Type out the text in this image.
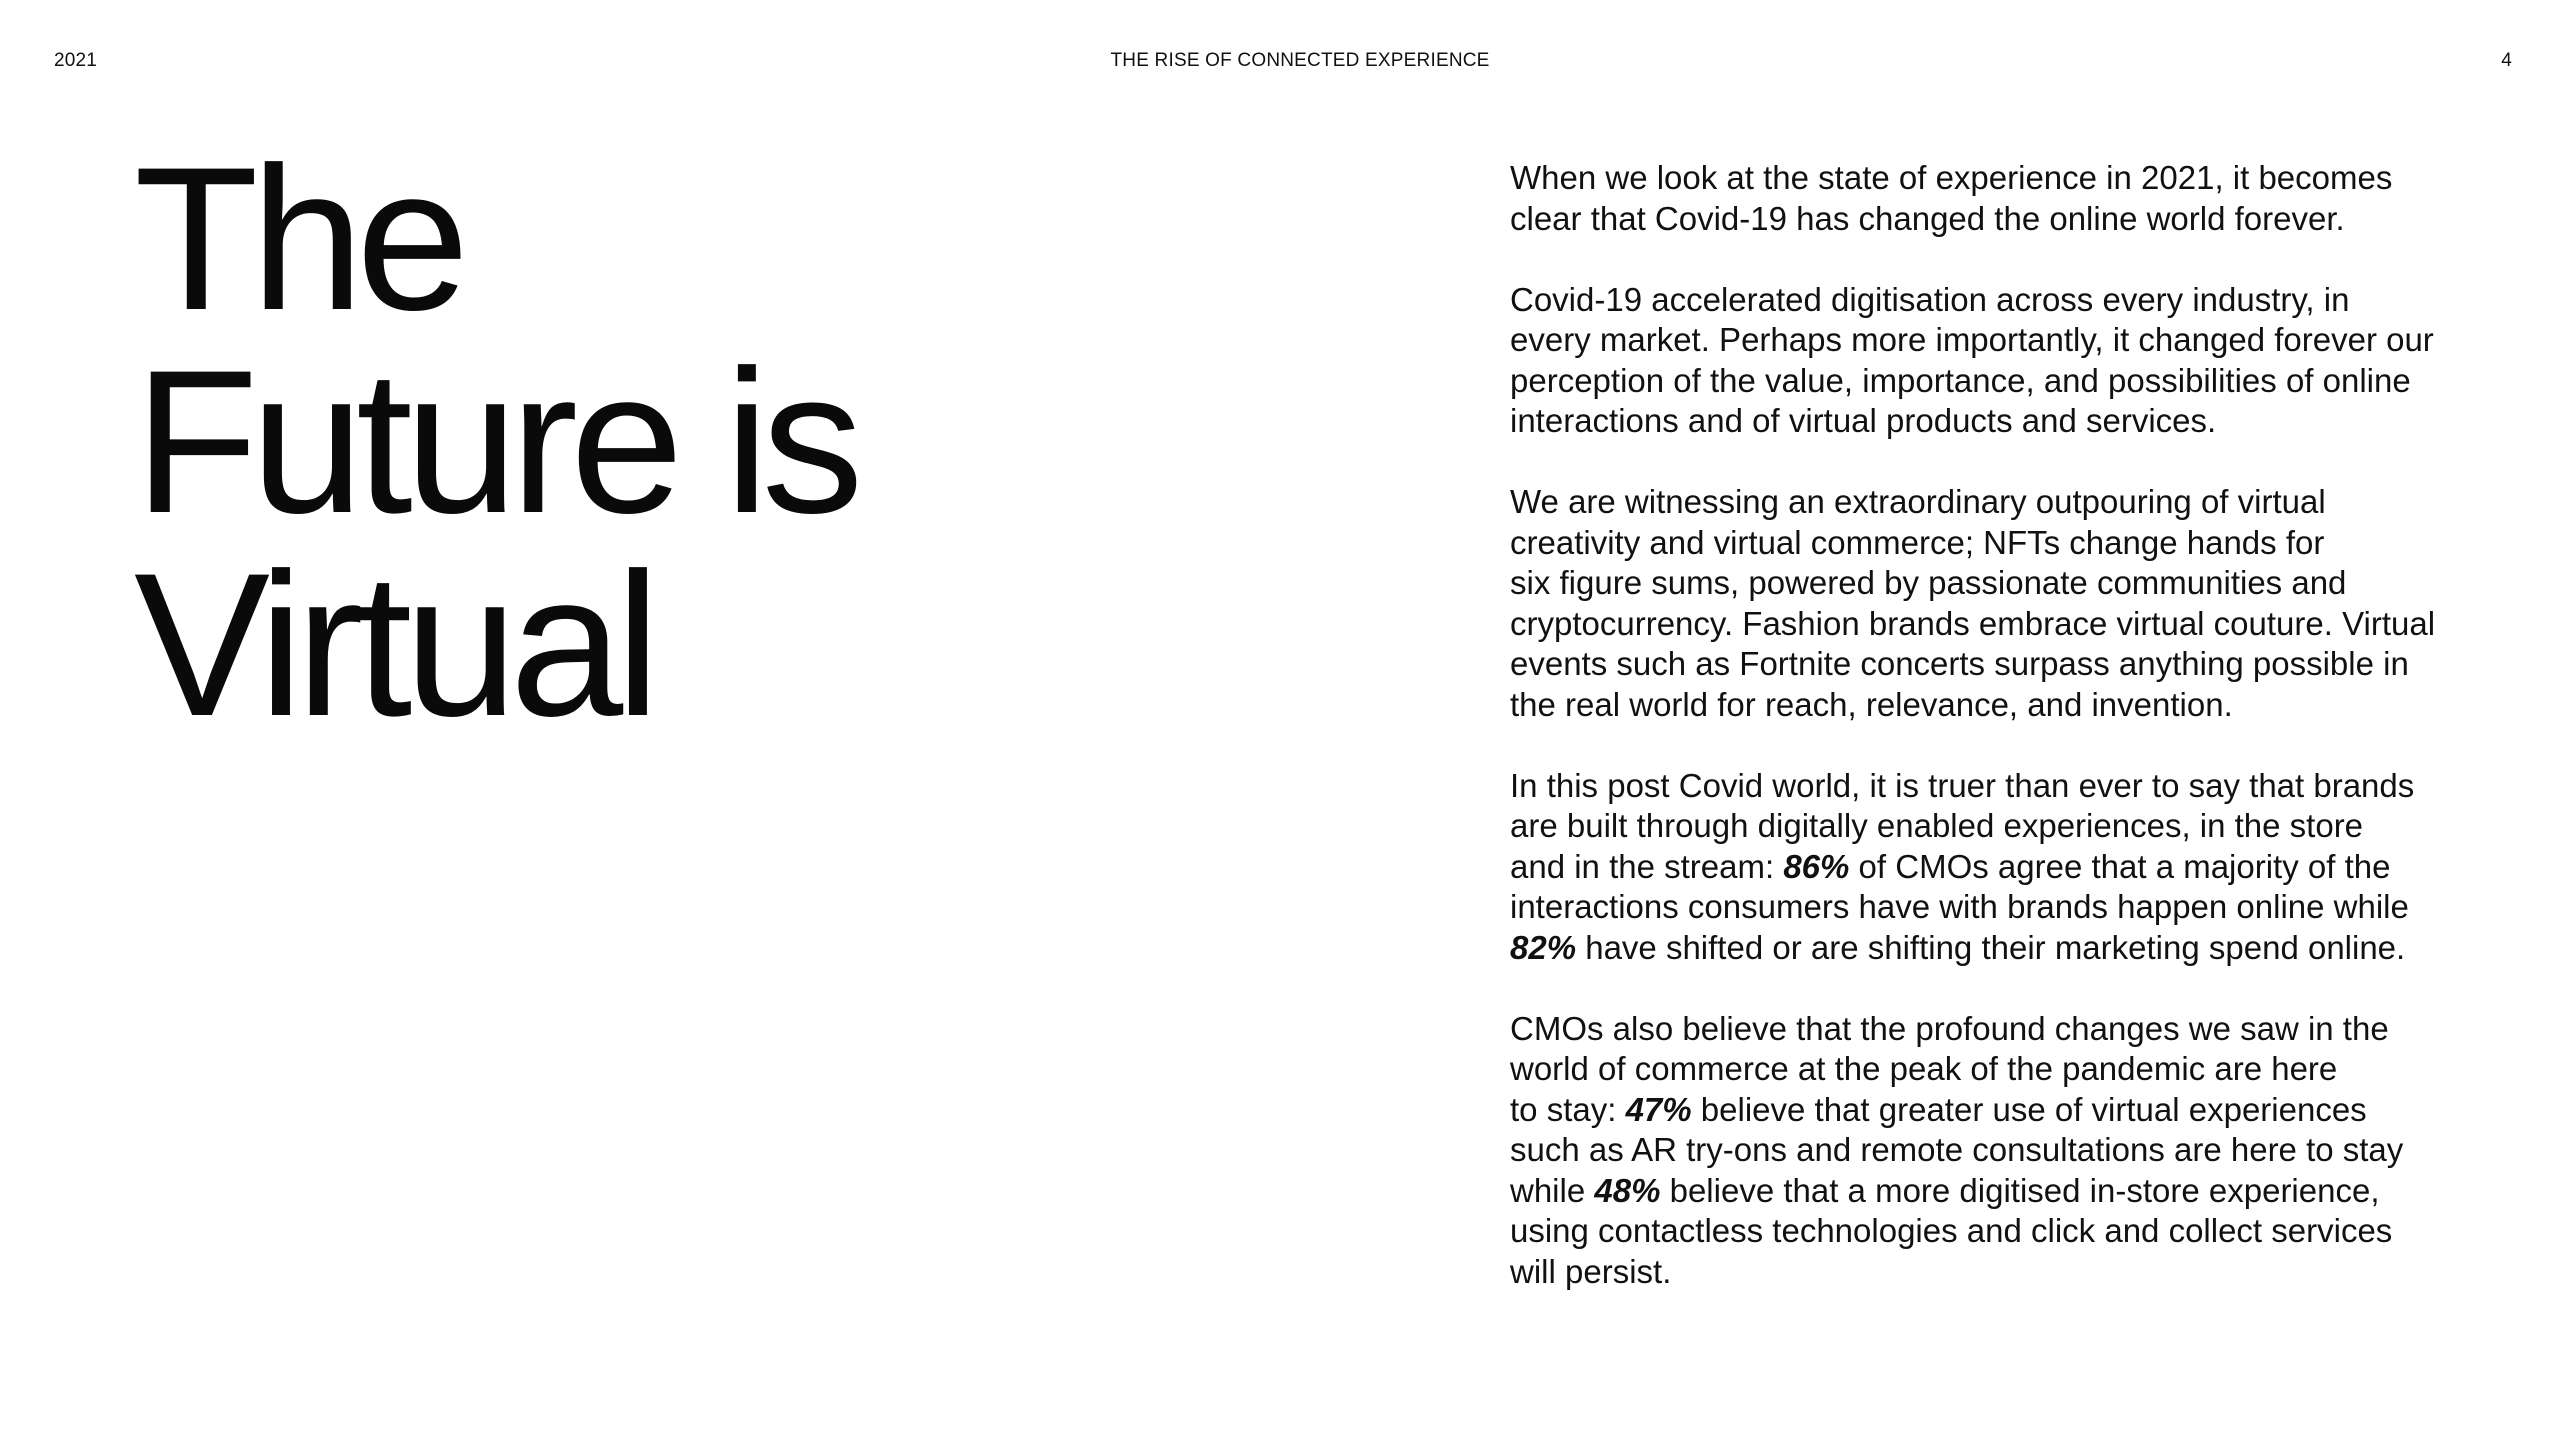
2021	THE RISE OF CONNECTED EXPERIENCE	4
The
Future is
Virtual

When we look at the state of experience in 2021, it becomes
clear that Covid-19 has changed the online world forever.

Covid-19 accelerated digitisation across every industry, in
every market. Perhaps more importantly, it changed forever our
perception of the value, importance, and possibilities of online
interactions and of virtual products and services.

We are witnessing an extraordinary outpouring of virtual
creativity and virtual commerce; NFTs change hands for
six figure sums, powered by passionate communities and
cryptocurrency. Fashion brands embrace virtual couture. Virtual
events such as Fortnite concerts surpass anything possible in
the real world for reach, relevance, and invention.

In this post Covid world, it is truer than ever to say that brands
are built through digitally enabled experiences, in the store
and in the stream: 86% of CMOs agree that a majority of the
interactions consumers have with brands happen online while
82% have shifted or are shifting their marketing spend online.

CMOs also believe that the profound changes we saw in the
world of commerce at the peak of the pandemic are here
to stay: 47% believe that greater use of virtual experiences
such as AR try-ons and remote consultations are here to stay
while 48% believe that a more digitised in-store experience,
using contactless technologies and click and collect services
will persist.
